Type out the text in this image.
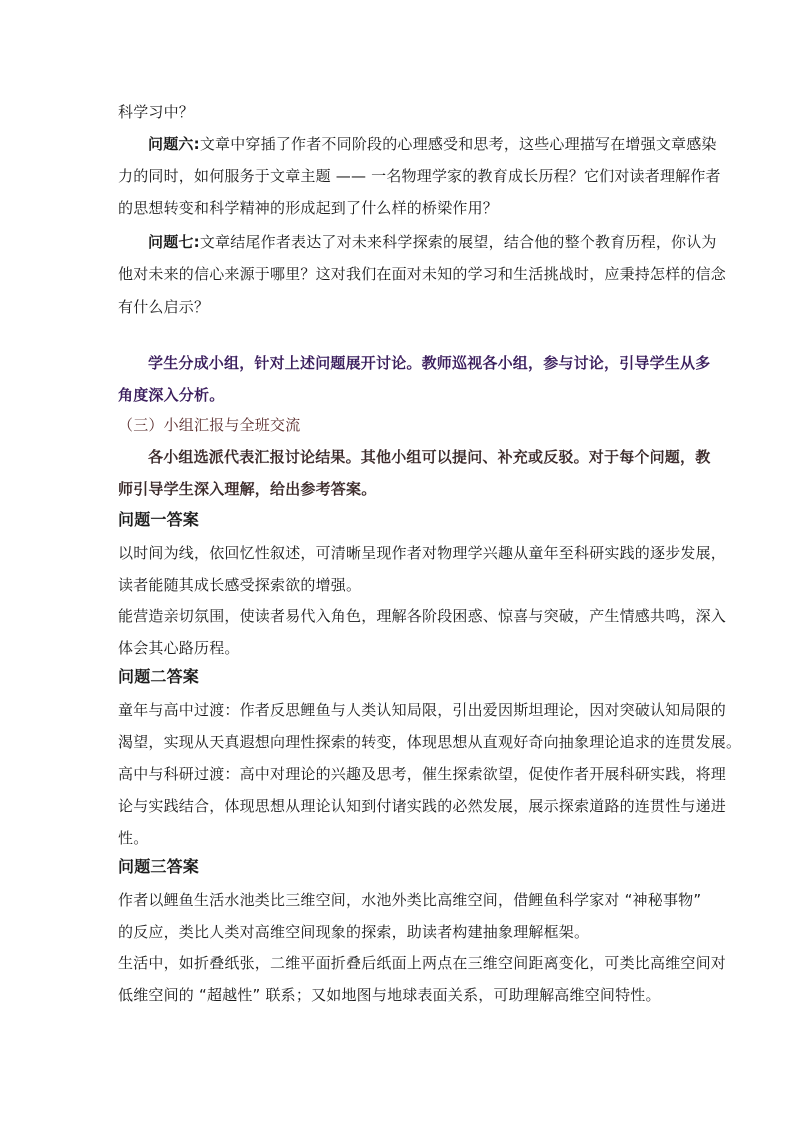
科学习中？
问题六:文章中穿插了作者不同阶段的心理感受和思考，这些心理描写在增强文章感染
力的同时，如何服务于文章主题 —— 一名物理学家的教育成长历程？它们对读者理解作者
的思想转变和科学精神的形成起到了什么样的桥梁作用？
问题七:文章结尾作者表达了对未来科学探索的展望，结合他的整个教育历程，你认为
他对未来的信心来源于哪里？这对我们在面对未知的学习和生活挑战时，应秉持怎样的信念
有什么启示？
学生分成小组，针对上述问题展开讨论。教师巡视各小组，参与讨论，引导学生从多
角度深入分析。
（三）小组汇报与全班交流
各小组选派代表汇报讨论结果。其他小组可以提问、补充或反驳。对于每个问题，教
师引导学生深入理解，给出参考答案。
问题一答案
以时间为线，依回忆性叙述，可清晰呈现作者对物理学兴趣从童年至科研实践的逐步发展，
读者能随其成长感受探索欲的增强。
能营造亲切氛围，使读者易代入角色，理解各阶段困惑、惊喜与突破，产生情感共鸣，深入
体会其心路历程。
问题二答案
童年与高中过渡：作者反思鲤鱼与人类认知局限，引出爱因斯坦理论，因对突破认知局限的
渴望，实现从天真遐想向理性探索的转变，体现思想从直观好奇向抽象理论追求的连贯发展。
高中与科研过渡：高中对理论的兴趣及思考，催生探索欲望，促使作者开展科研实践，将理
论与实践结合，体现思想从理论认知到付诸实践的必然发展，展示探索道路的连贯性与递进
性。
问题三答案
作者以鲤鱼生活水池类比三维空间，水池外类比高维空间，借鲤鱼科学家对 “神秘事物”
的反应，类比人类对高维空间现象的探索，助读者构建抽象理解框架。
生活中，如折叠纸张，二维平面折叠后纸面上两点在三维空间距离变化，可类比高维空间对
低维空间的 “超越性” 联系；又如地图与地球表面关系，可助理解高维空间特性。
